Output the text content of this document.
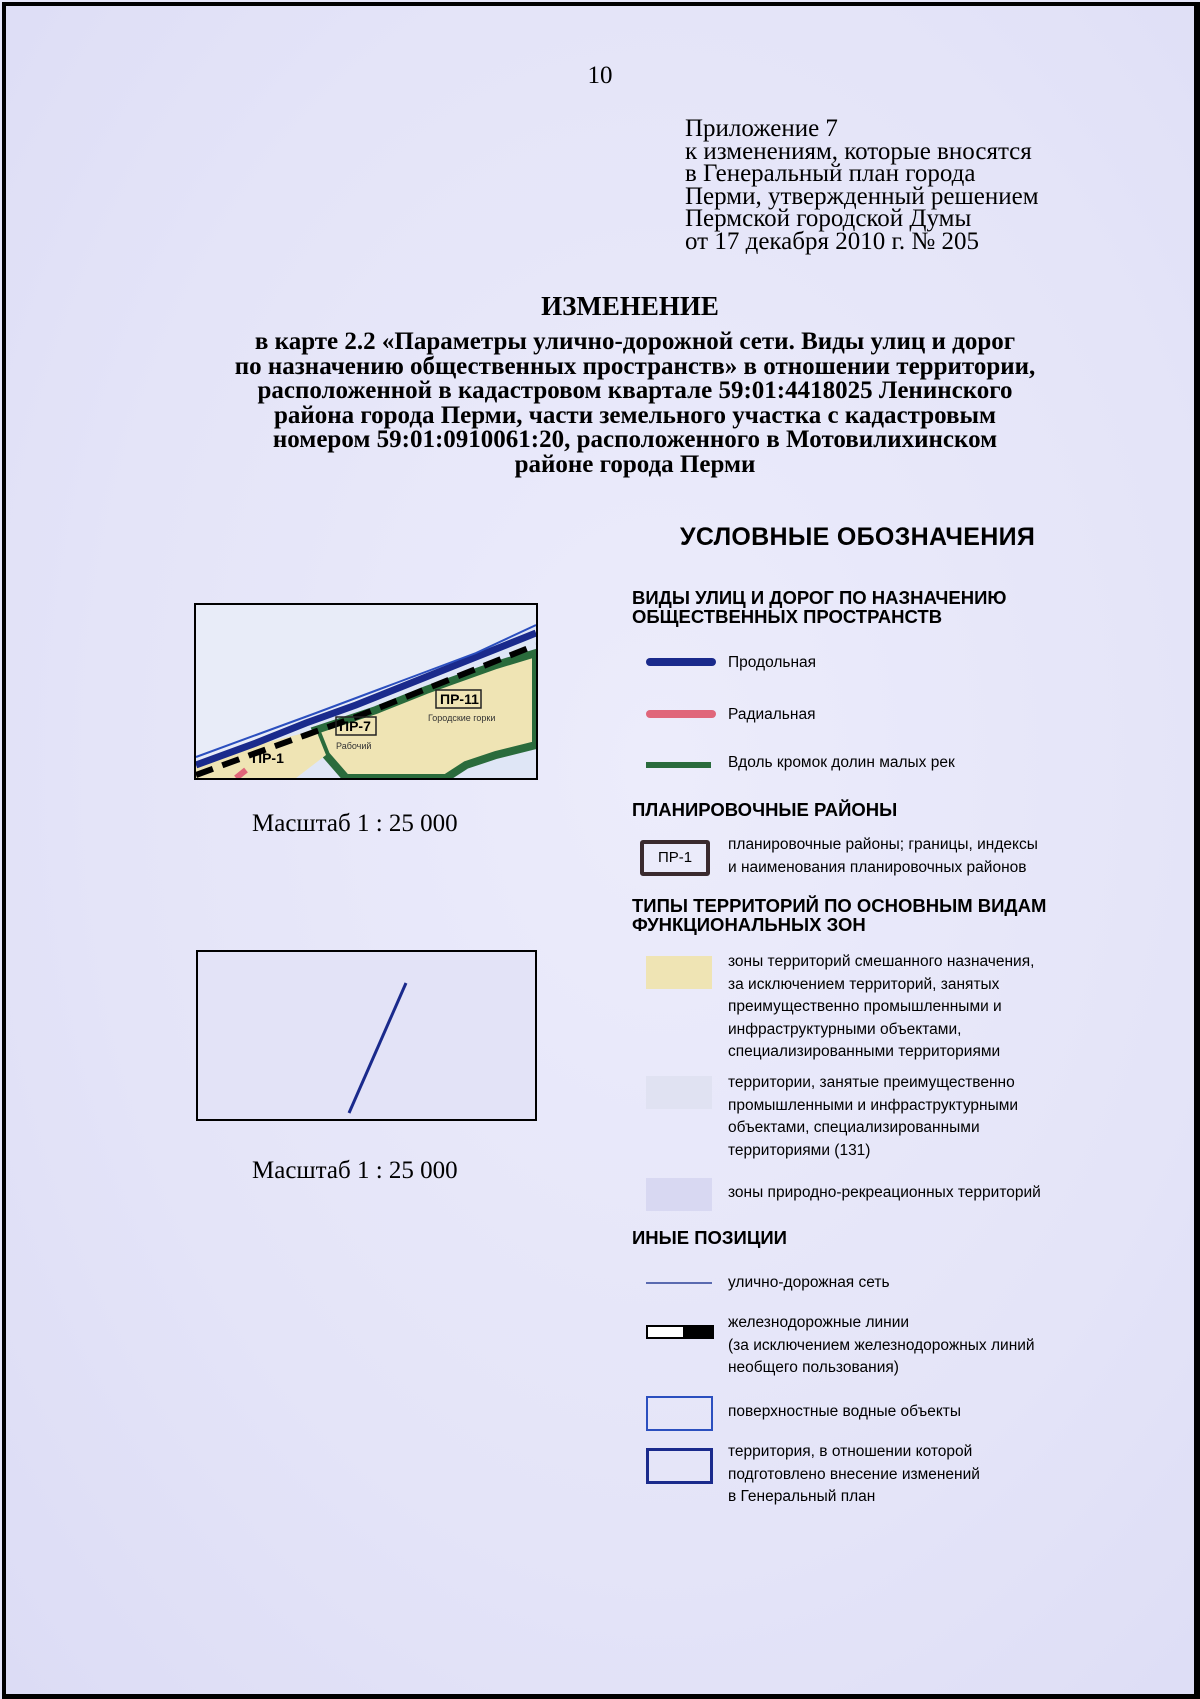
10
Приложение 7
к изменениям, которые вносятся
в Генеральный план города
Перми, утвержденный решением
Пермской городской Думы
от 17 декабря 2010 г. № 205
ИЗМЕНЕНИЕ
в карте 2.2 «Параметры улично-дорожной сети. Виды улиц и дорог
по назначению общественных пространств» в отношении территории,
расположенной в кадастровом квартале 59:01:4418025 Ленинского
района города Перми, части земельного участка с кадастровым
номером 59:01:0910061:20, расположенного в Мотовилихинском
районе города Перми
ПР-11
Городские горки
ПР-7
Рабочий
ПР-1
Масштаб 1 : 25 000
Масштаб 1 : 25 000
УСЛОВНЫЕ ОБОЗНАЧЕНИЯ
ВИДЫ УЛИЦ И ДОРОГ ПО НАЗНАЧЕНИЮ
ОБЩЕСТВЕННЫХ ПРОСТРАНСТВ
Продольная
Радиальная
Вдоль кромок долин малых рек
ПЛАНИРОВОЧНЫЕ РАЙОНЫ
ПР-1
планировочные районы; границы, индексы
и наименования планировочных районов
ТИПЫ ТЕРРИТОРИЙ ПО ОСНОВНЫМ ВИДАМ
ФУНКЦИОНАЛЬНЫХ ЗОН
зоны территорий смешанного назначения,
за исключением территорий, занятых
преимущественно промышленными и
инфраструктурными объектами,
специализированными территориями
территории, занятые преимущественно
промышленными и инфраструктурными
объектами, специализированными
территориями (131)
зоны природно-рекреационных территорий
ИНЫЕ ПОЗИЦИИ
улично-дорожная сеть
железнодорожные линии
(за исключением железнодорожных линий
необщего пользования)
поверхностные водные объекты
территория, в отношении которой
подготовлено внесение изменений
в Генеральный план
